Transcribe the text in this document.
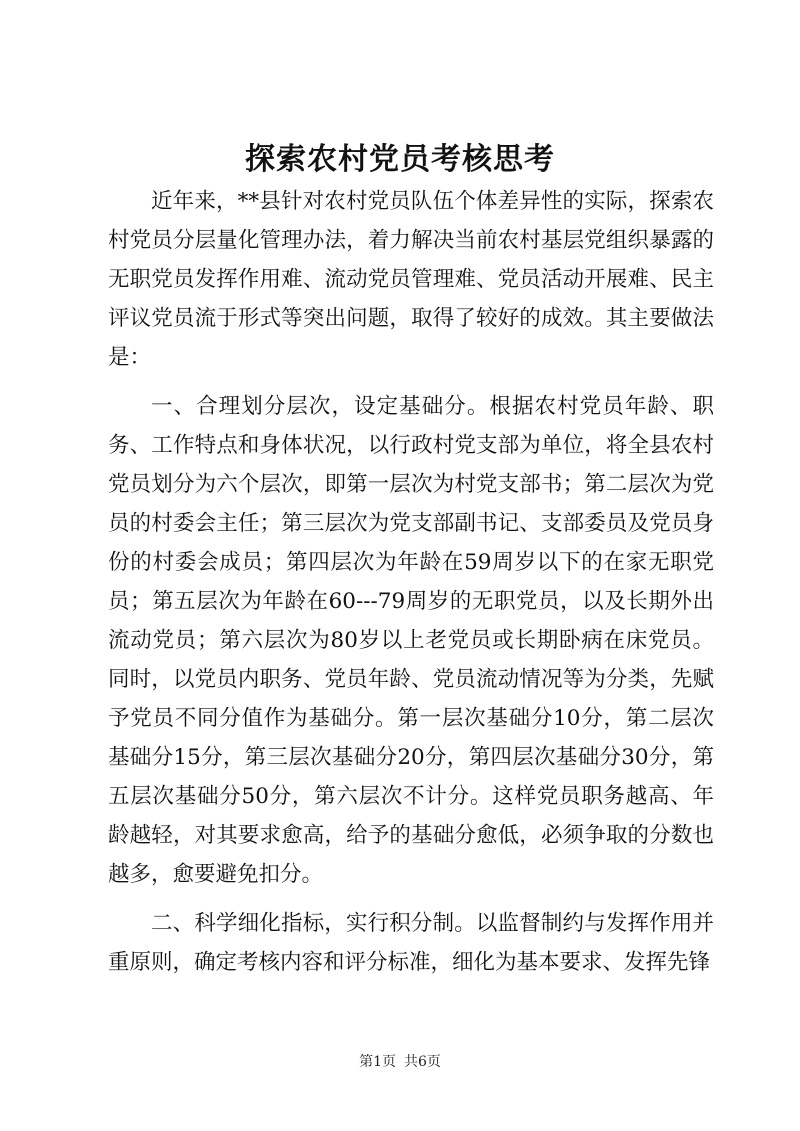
探索农村党员考核思考

近年来，**县针对农村党员队伍个体差异性的实际，探索农村党员分层量化管理办法，着力解决当前农村基层党组织暴露的无职党员发挥作用难、流动党员管理难、党员活动开展难、民主评议党员流于形式等突出问题，取得了较好的成效。其主要做法是：

一、合理划分层次，设定基础分。根据农村党员年龄、职务、工作特点和身体状况，以行政村党支部为单位，将全县农村党员划分为六个层次，即第一层次为村党支部书；第二层次为党员的村委会主任；第三层次为党支部副书记、支部委员及党员身份的村委会成员；第四层次为年龄在59周岁以下的在家无职党员；第五层次为年龄在60---79周岁的无职党员，以及长期外出流动党员；第六层次为80岁以上老党员或长期卧病在床党员。同时，以党员内职务、党员年龄、党员流动情况等为分类，先赋予党员不同分值作为基础分。第一层次基础分10分，第二层次基础分15分，第三层次基础分20分，第四层次基础分30分，第五层次基础分50分，第六层次不计分。这样党员职务越高、年龄越轻，对其要求愈高，给予的基础分愈低，必须争取的分数也越多，愈要避免扣分。

二、科学细化指标，实行积分制。以监督制约与发挥作用并重原则，确定考核内容和评分标准，细化为基本要求、发挥先锋

第1页 共6页
